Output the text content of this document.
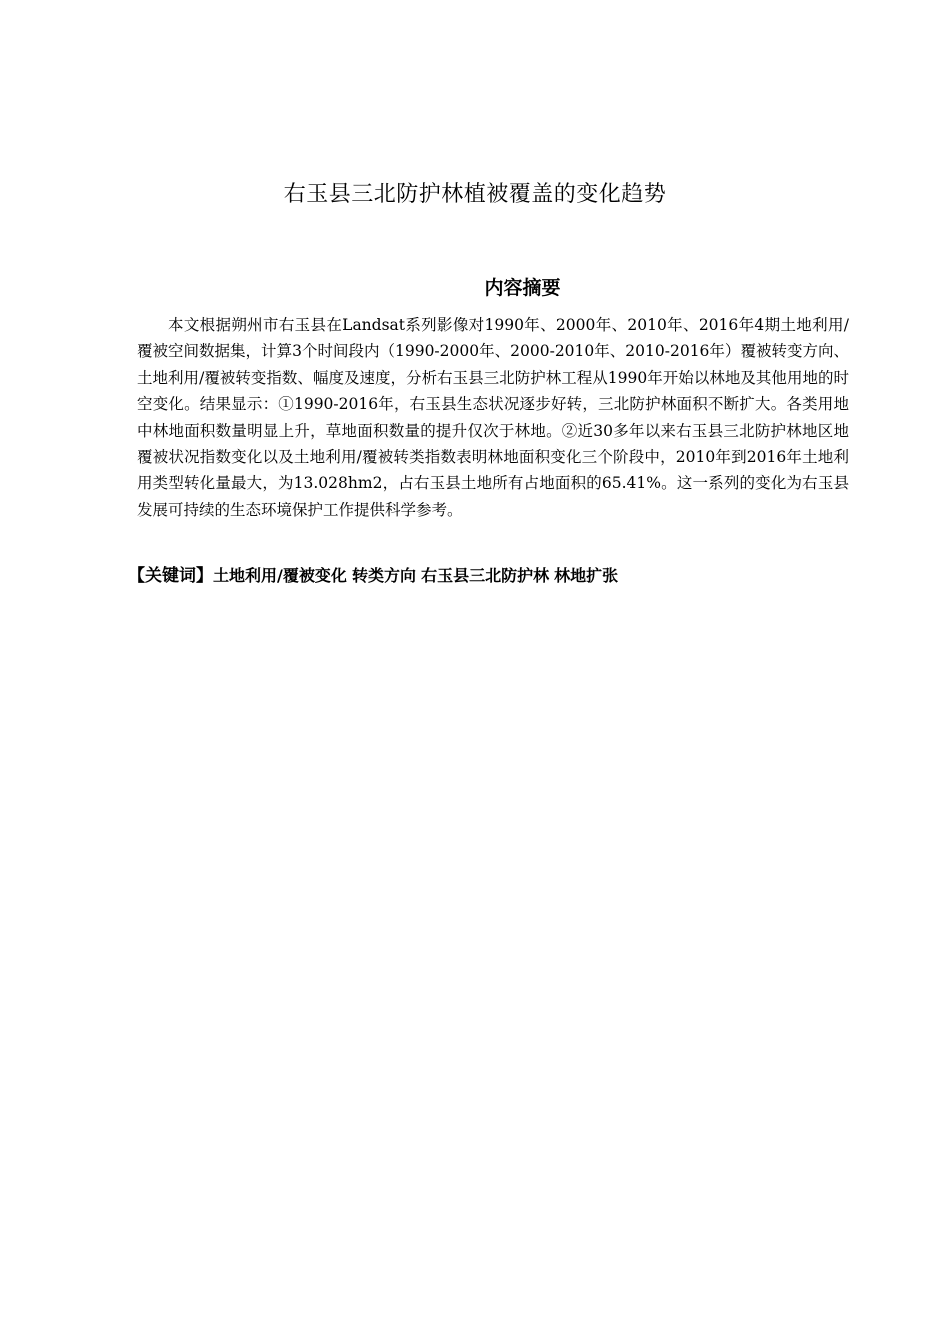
右玉县三北防护林植被覆盖的变化趋势
内容摘要

本文根据朔州市右玉县在Landsat系列影像对1990年、2000年、2010年、2016年4期土地利用/覆被空间数据集，计算3个时间段内（1990-2000年、2000-2010年、2010-2016年）覆被转变方向、土地利用/覆被转变指数、幅度及速度，分析右玉县三北防护林工程从1990年开始以林地及其他用地的时空变化。结果显示：①1990-2016年，右玉县生态状况逐步好转，三北防护林面积不断扩大。各类用地中林地面积数量明显上升，草地面积数量的提升仅次于林地。②近30多年以来右玉县三北防护林地区地覆被状况指数变化以及土地利用/覆被转类指数表明林地面积变化三个阶段中，2010年到2016年土地利用类型转化量最大，为13.028hm2，占右玉县土地所有占地面积的65.41%。这一系列的变化为右玉县发展可持续的生态环境保护工作提供科学参考。

【关键词】土地利用/覆被变化 转类方向 右玉县三北防护林 林地扩张
